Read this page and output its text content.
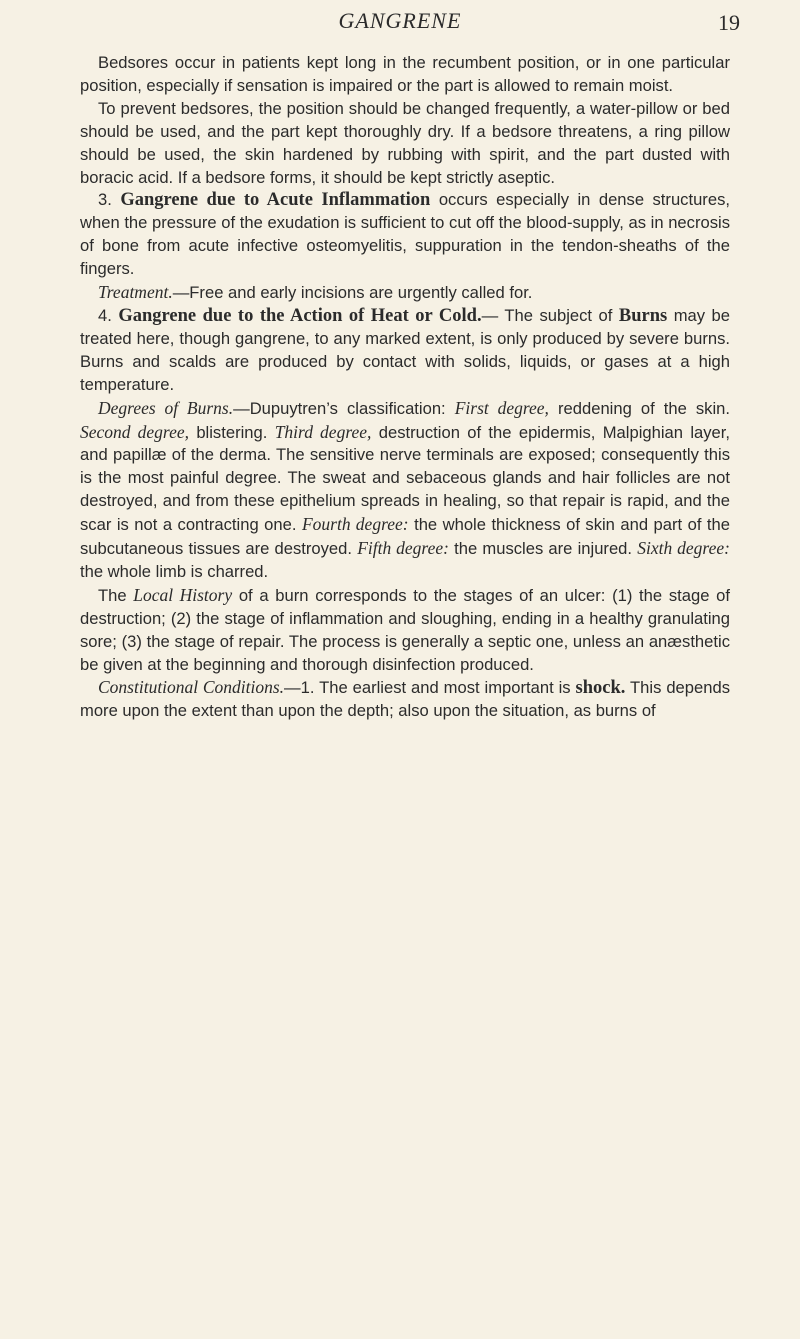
GANGRENE	19

Bedsores occur in patients kept long in the recumbent position, or in one particular position, especially if sensation is impaired or the part is allowed to remain moist.

To prevent bedsores, the position should be changed frequently, a water-pillow or bed should be used, and the part kept thoroughly dry. If a bedsore threatens, a ring pillow should be used, the skin hardened by rubbing with spirit, and the part dusted with boracic acid. If a bedsore forms, it should be kept strictly aseptic.

3. Gangrene due to Acute Inflammation occurs especially in dense structures, when the pressure of the exudation is sufficient to cut off the blood-supply, as in necrosis of bone from acute infective osteomyelitis, suppuration in the tendon-sheaths of the fingers.

Treatment.—Free and early incisions are urgently called for.

4. Gangrene due to the Action of Heat or Cold.— The subject of Burns may be treated here, though gangrene, to any marked extent, is only produced by severe burns. Burns and scalds are produced by contact with solids, liquids, or gases at a high temperature.

Degrees of Burns.—Dupuytren’s classification: First degree, reddening of the skin. Second degree, blistering. Third degree, destruction of the epidermis, Malpighian layer, and papillæ of the derma. The sensitive nerve terminals are exposed; consequently this is the most painful degree. The sweat and sebaceous glands and hair follicles are not destroyed, and from these epithelium spreads in healing, so that repair is rapid, and the scar is not a contracting one. Fourth degree: the whole thickness of skin and part of the subcutaneous tissues are destroyed. Fifth degree: the muscles are injured. Sixth degree: the whole limb is charred.

The Local History of a burn corresponds to the stages of an ulcer: (1) the stage of destruction; (2) the stage of inflammation and sloughing, ending in a healthy granulating sore; (3) the stage of repair. The process is generally a septic one, unless an anæsthetic be given at the beginning and thorough disinfection produced.

Constitutional Conditions.—1. The earliest and most important is shock. This depends more upon the extent than upon the depth; also upon the situation, as burns of
